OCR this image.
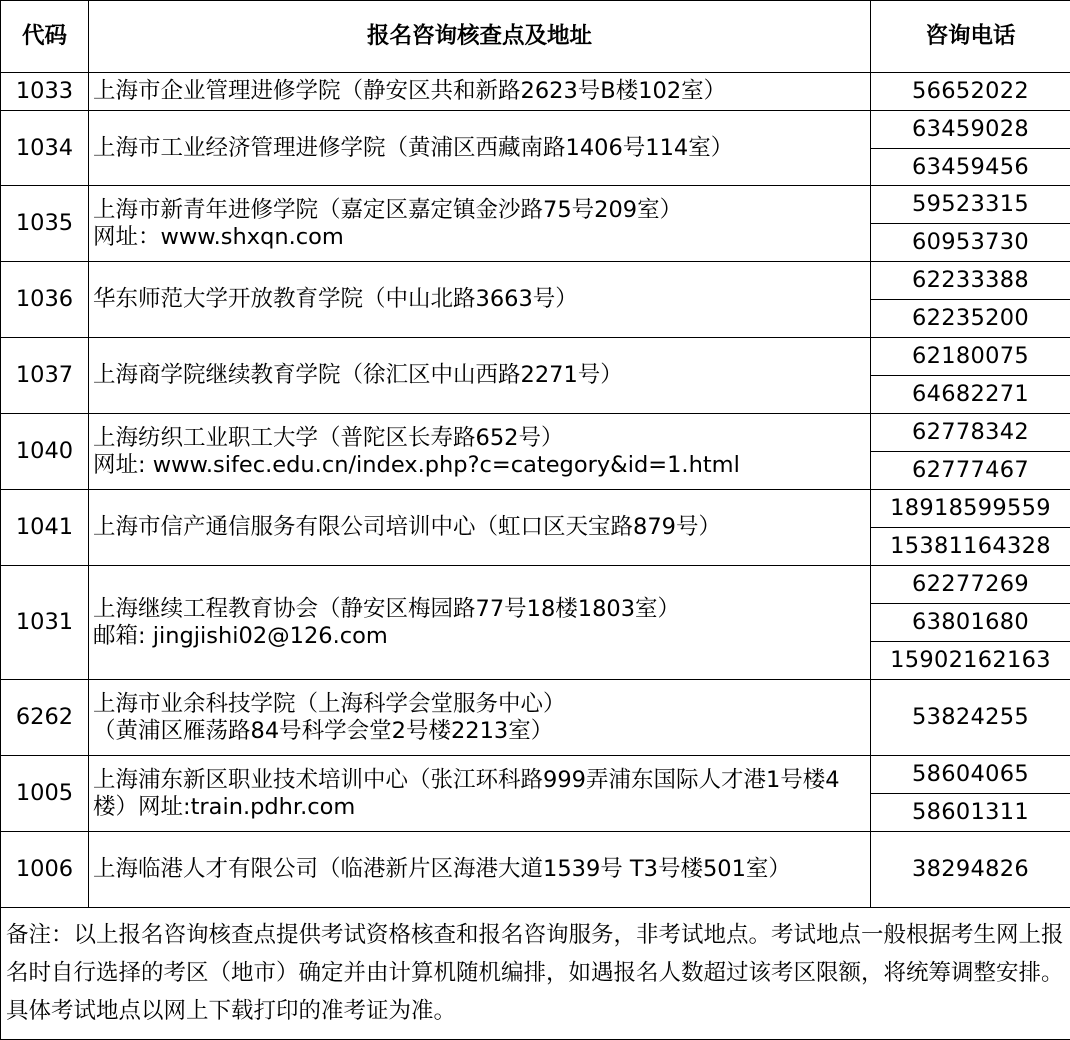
代码	报名咨询核查点及地址	咨询电话
1033	上海市企业管理进修学院（静安区共和新路2623号B楼102室）	56652022
1034	上海市工业经济管理进修学院（黄浦区西藏南路1406号114室）	63459028
		63459456
1035	上海市新青年进修学院（嘉定区嘉定镇金沙路75号209室）
网址：www.shxqn.com	59523315
		60953730
1036	华东师范大学开放教育学院（中山北路3663号）	62233388
		62235200
1037	上海商学院继续教育学院（徐汇区中山西路2271号）	62180075
		64682271
1040	上海纺织工业职工大学（普陀区长寿路652号）
网址: www.sifec.edu.cn/index.php?c=category&id=1.html	62778342
		62777467
1041	上海市信产通信服务有限公司培训中心（虹口区天宝路879号）	18918599559
		15381164328
1031	上海继续工程教育协会（静安区梅园路77号18楼1803室）
邮箱: jingjishi02@126.com	62277269
		63801680
		15902162163
6262	上海市业余科技学院（上海科学会堂服务中心）
（黄浦区雁荡路84号科学会堂2号楼2213室）	53824255
1005	上海浦东新区职业技术培训中心（张江环科路999弄浦东国际人才港1号楼4楼）网址:train.pdhr.com	58604065
		58601311
1006	上海临港人才有限公司（临港新片区海港大道1539号 T3号楼501室）	38294826
备注：以上报名咨询核查点提供考试资格核查和报名咨询服务，非考试地点。考试地点一般根据考生网上报名时自行选择的考区（地市）确定并由计算机随机编排，如遇报名人数超过该考区限额，将统筹调整安排。具体考试地点以网上下载打印的准考证为准。		
